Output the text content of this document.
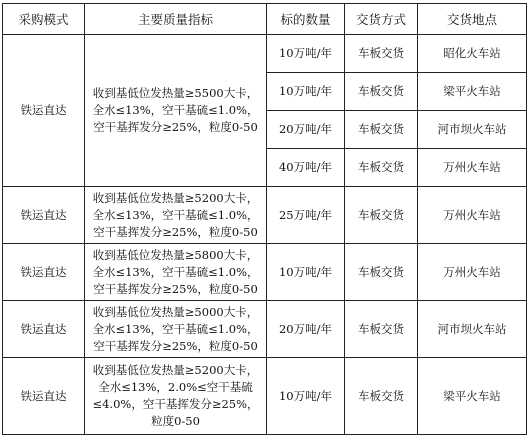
采购模式	主要质量指标	标的数量	交货方式	交货地点
铁运直达	收到基低位发热量≥5500大卡，
全水≤13%，空干基硫≤1.0%，
空干基挥发分≥25%，粒度0-50	10万吨/年	车板交货	昭化火车站
		10万吨/年	车板交货	梁平火车站
		20万吨/年	车板交货	河市坝火车站
		40万吨/年	车板交货	万州火车站
铁运直达	收到基低位发热量≥5200大卡，
全水≤13%，空干基硫≤1.0%，
空干基挥发分≥25%，粒度0-50	25万吨/年	车板交货	万州火车站
铁运直达	收到基低位发热量≥5800大卡，
全水≤13%，空干基硫≤1.0%，
空干基挥发分≥25%，粒度0-50	10万吨/年	车板交货	万州火车站
铁运直达	收到基低位发热量≥5000大卡，
全水≤13%，空干基硫≤1.0%，
空干基挥发分≥25%，粒度0-50	20万吨/年	车板交货	河市坝火车站
铁运直达	收到基低位发热量≥5200大卡，
全水≤13%，2.0%≤空干基硫
≤4.0%，空干基挥发分≥25%，
粒度0-50	10万吨/年	车板交货	梁平火车站
